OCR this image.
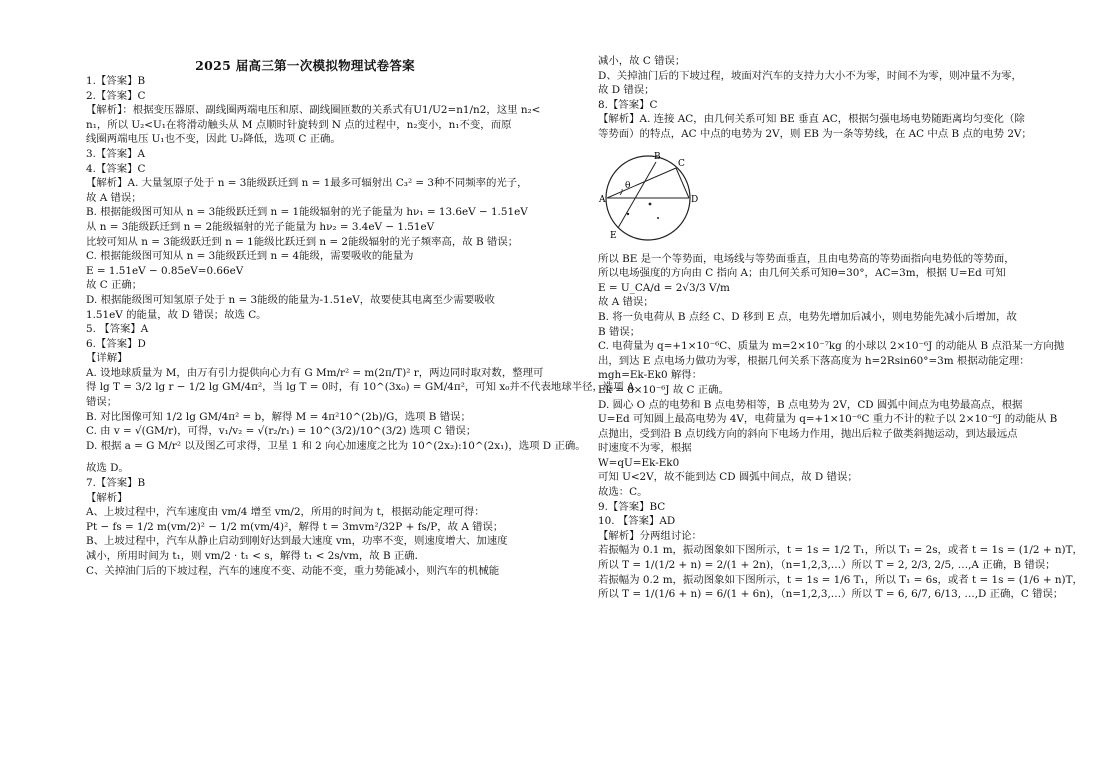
2025 届高三第一次模拟物理试卷答案
1.【答案】B
2.【答案】C
【解析】：根据变压器原、副线圈两端电压和原、副线圈匝数的关系式有U1/U2=n1/n2，这里 n₂<
n₁，所以 U₂<U₁在将滑动触头从 M 点顺时针旋转到 N 点的过程中，n₂变小，n₁不变，而原
线圈两端电压 U₁也不变，因此 U₂降低，选项 C 正确。
3.【答案】A
4.【答案】C
【解析】A. 大量氢原子处于 n = 3能级跃迁到 n = 1最多可辐射出 C₃² = 3种不同频率的光子，
故 A 错误；
B. 根据能级图可知从 n = 3能级跃迁到 n = 1能级辐射的光子能量为 hν₁ = 13.6eV − 1.51eV
从 n = 3能级跃迁到 n = 2能级辐射的光子能量为 hν₂ = 3.4eV − 1.51eV
比较可知从 n = 3能级跃迁到 n = 1能级比跃迁到 n = 2能级辐射的光子频率高，故 B 错误；
C. 根据能级图可知从 n = 3能级跃迁到 n = 4能级，需要吸收的能量为
E = 1.51eV − 0.85eV=0.66eV
故 C 正确；
D. 根据能级图可知氢原子处于 n = 3能级的能量为-1.51eV，故要使其电离至少需要吸收
1.51eV 的能量，故 D 错误；故选 C。
5. 【答案】A
6.【答案】D
【详解】
A. 设地球质量为 M，由万有引力提供向心力有 G Mm/r² = m(2π/T)² r，两边同时取对数，整理可
得 lg T = 3/2 lg r − 1/2 lg GM/4π²，当 lg T = 0时，有 10^(3x₀) = GM/4π²，可知 x₀并不代表地球半径，选项 A
错误；
B. 对比图像可知 1/2 lg GM/4π² = b，解得 M = 4π²10^(2b)/G，选项 B 错误；
C. 由 v = √(GM/r)，可得，v₁/v₂ = √(r₂/r₁) = 10^(3/2)/10^(3/2) 选项 C 错误；
D. 根据 a = G M/r² 以及图乙可求得，卫星 1 和 2 向心加速度之比为 10^(2x₂):10^(2x₁)，选项 D 正确。
故选 D。
7.【答案】B
【解析】
A、上坡过程中，汽车速度由 vm/4 增至 vm/2，所用的时间为 t，根据动能定理可得：
Pt − fs = 1/2 m(vm/2)² − 1/2 m(vm/4)²，解得 t = 3mvm²/32P + fs/P，故 A 错误；
B、上坡过程中，汽车从静止启动到刚好达到最大速度 vm，功率不变，则速度增大、加速度
减小，所用时间为 t₁，则 vm/2 · t₁ < s，解得 t₁ < 2s/vm，故 B 正确．
C、关掉油门后的下坡过程，汽车的速度不变、动能不变，重力势能减小，则汽车的机械能
减小，故 C 错误；
D、关掉油门后的下坡过程，坡面对汽车的支持力大小不为零，时间不为零，则冲量不为零，
故 D 错误；
8.【答案】C
【解析】A. 连接 AC，由几何关系可知 BE 垂直 AC，根据匀强电场电势随距离均匀变化（除
等势面）的特点，AC 中点的电势为 2V，则 EB 为一条等势线，在 AC 中点 B 点的电势 2V；
A
B
C
D
E
θ
所以 BE 是一个等势面，电场线与等势面垂直，且由电势高的等势面指向电势低的等势面，
所以电场强度的方向由 C 指向 A；由几何关系可知θ=30°，AC=3m，根据 U=Ed 可知
E = U_CA/d = 2√3/3 V/m
故 A 错误；
B. 将一负电荷从 B 点经 C、D 移到 E 点，电势先增加后减小，则电势能先减小后增加，故
B 错误；
C. 电荷量为 q=+1×10⁻⁶C、质量为 m=2×10⁻⁷kg 的小球以 2×10⁻⁶J 的动能从 B 点沿某一方向抛
出，到达 E 点电场力做功为零，根据几何关系下落高度为 h=2Rsin60°=3m 根据动能定理：
mgh=Ek-Ek0 解得：
Ek = 8×10⁻⁶J 故 C 正确。
D. 圆心 O 点的电势和 B 点电势相等，B 点电势为 2V，CD 圆弧中间点为电势最高点，根据
U=Ed 可知圆上最高电势为 4V，电荷量为 q=+1×10⁻⁶C 重力不计的粒子以 2×10⁻⁶J 的动能从 B
点抛出，受到沿 B 点切线方向的斜向下电场力作用，抛出后粒子做类斜抛运动，到达最远点
时速度不为零，根据
W=qU=Ek-Ek0
可知 U<2V，故不能到达 CD 圆弧中间点，故 D 错误；
故选：C。
9.【答案】BC
10. 【答案】AD
【解析】分两组讨论：
若振幅为 0.1 m，振动图象如下图所示，t = 1s = 1/2 T₁，所以 T₁ = 2s，或者 t = 1s = (1/2 + n)T，
所以 T = 1/(1/2 + n) = 2/(1 + 2n)，（n=1,2,3,…）所以 T = 2, 2/3, 2/5, …,A 正确，B 错误；
若振幅为 0.2 m，振动图象如下图所示，t = 1s = 1/6 T₁，所以 T₁ = 6s，或者 t = 1s = (1/6 + n)T，
所以 T = 1/(1/6 + n) = 6/(1 + 6n)，（n=1,2,3,…）所以 T = 6, 6/7, 6/13, …,D 正确，C 错误；
